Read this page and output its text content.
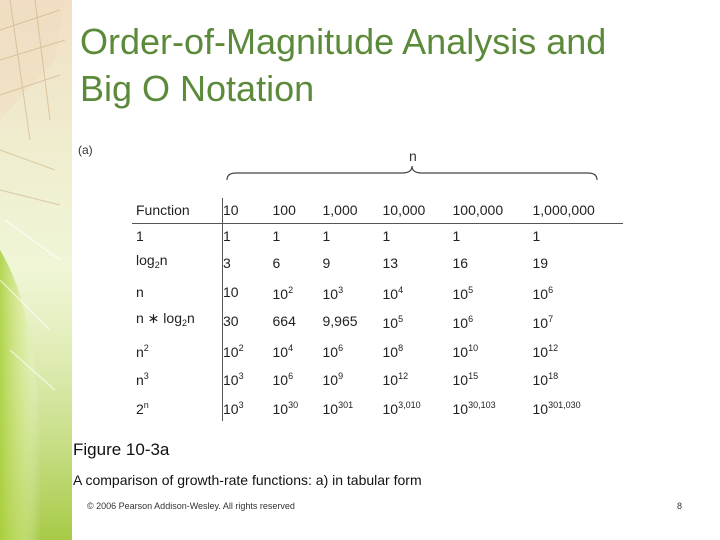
Order-of-Magnitude Analysis and
Big O Notation
(a)	n
Function	10	100	1,000	10,000	100,000	1,000,000
1	1	1	1	1	1	1
$\log_2n$	3	6	9	13	16	19
n	10	$10^2$	$10^3$	$10^4$	$10^5$	$10^6$
n ∗ $\log_2n$	30	664	9,965	$10^5$	$10^6$	$10^7$
$n^2$	$10^2$	$10^4$	$10^6$	$10^8$	$10^{10}$	$10^{12}$
$n^3$	$10^3$	$10^6$	$10^9$	$10^{12}$	$10^{15}$	$10^{18}$
2$^n$	$10^3$	$10^{30}$	$10^{301}$	10$^{3,010}$	10$^{30,103}$	10$^{301,030}$
Figure 10-3a
A comparison of growth-rate functions: a) in tabular form
© 2006 Pearson Addison-Wesley. All rights reserved	8
